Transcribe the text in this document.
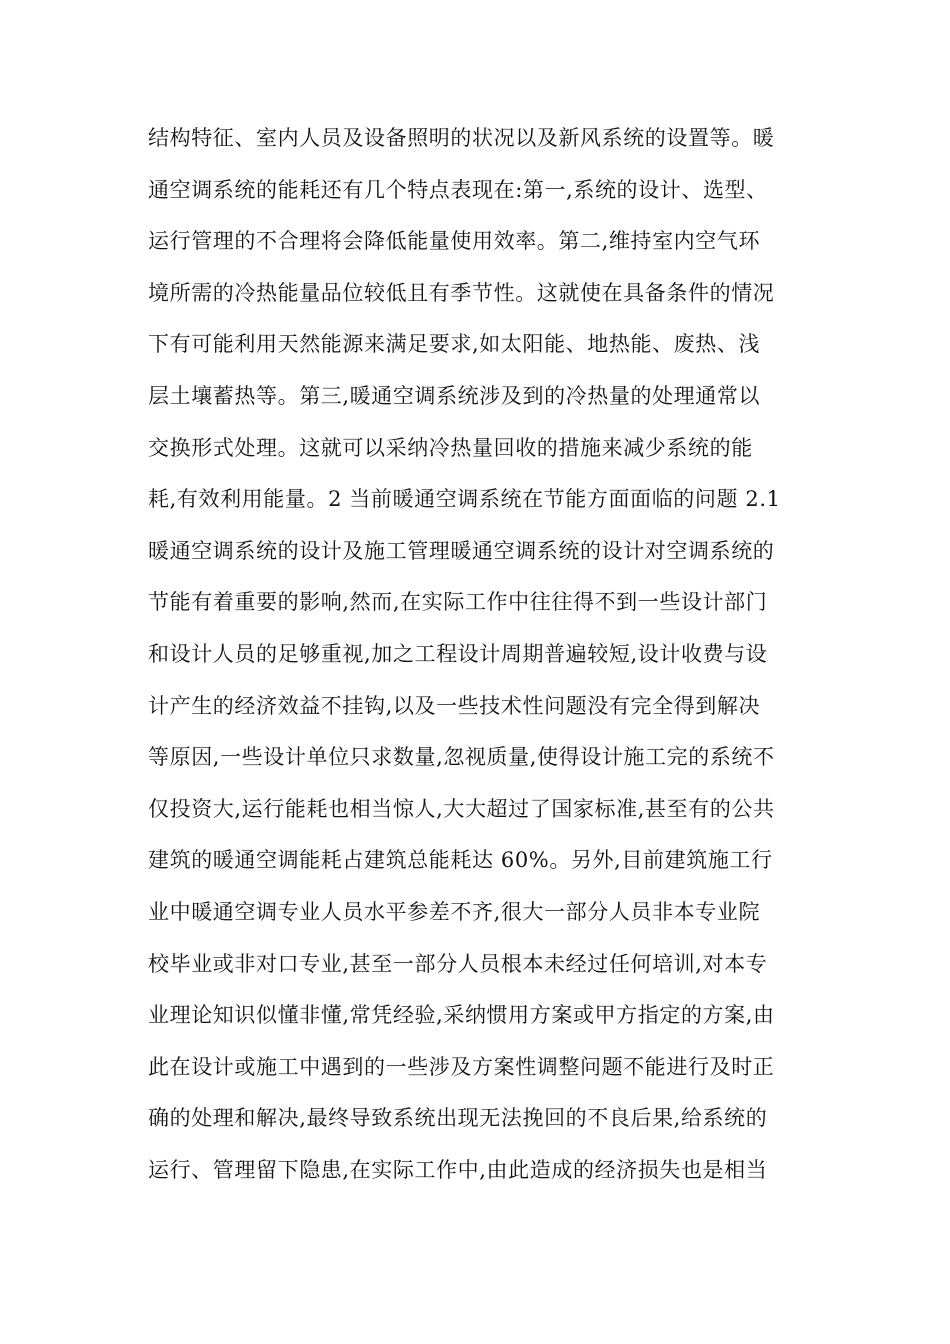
结构特征、室内人员及设备照明的状况以及新风系统的设置等。暖
通空调系统的能耗还有几个特点表现在:第一,系统的设计、选型、
运行管理的不合理将会降低能量使用效率。第二,维持室内空气环
境所需的冷热能量品位较低且有季节性。这就使在具备条件的情况
下有可能利用天然能源来满足要求,如太阳能、地热能、废热、浅
层土壤蓄热等。第三,暖通空调系统涉及到的冷热量的处理通常以
交换形式处理。这就可以采纳冷热量回收的措施来减少系统的能
耗,有效利用能量。2 当前暖通空调系统在节能方面面临的问题 2.1
暖通空调系统的设计及施工管理暖通空调系统的设计对空调系统的
节能有着重要的影响,然而,在实际工作中往往得不到一些设计部门
和设计人员的足够重视,加之工程设计周期普遍较短,设计收费与设
计产生的经济效益不挂钩,以及一些技术性问题没有完全得到解决
等原因,一些设计单位只求数量,忽视质量,使得设计施工完的系统不
仅投资大,运行能耗也相当惊人,大大超过了国家标准,甚至有的公共
建筑的暖通空调能耗占建筑总能耗达 60%。另外,目前建筑施工行
业中暖通空调专业人员水平参差不齐,很大一部分人员非本专业院
校毕业或非对口专业,甚至一部分人员根本未经过任何培训,对本专
业理论知识似懂非懂,常凭经验,采纳惯用方案或甲方指定的方案,由
此在设计或施工中遇到的一些涉及方案性调整问题不能进行及时正
确的处理和解决,最终导致系统出现无法挽回的不良后果,给系统的
运行、管理留下隐患,在实际工作中,由此造成的经济损失也是相当
